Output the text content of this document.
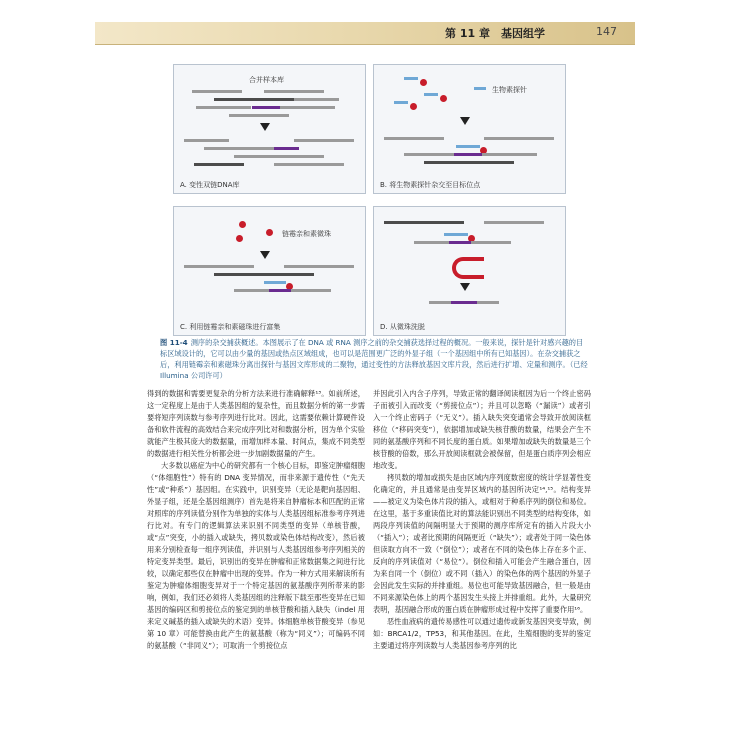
第 11 章　基因组学	147
合并样本库
A. 变性双链DNA库
生物素探针
B. 将生物素探针杂交至目标位点
链霉亲和素微珠
C. 利用链霉亲和素磁珠进行富集	D. 从微珠洗脱
图 11-4 测序的杂交捕获概述。本图展示了在 DNA 或 RNA 测序之前的杂交捕获选择过程的概况。一般来说，探针是针对感兴趣的目标区域设计的，它可以由少量的基因或热点区域组成，也可以是范围更广泛的外显子组（一个基因组中所有已知基因）。在杂交捕获之后，利用链霉亲和素磁珠分离出探针与基因文库形成的二聚物，通过变性的方法释放基因文库片段，然后进行扩增、定量和测序。（已经 Illumina 公司许可）

得到的数据和需要更复杂的分析方法来进行准确解释¹³。如前所述，这一定程度上是由于人类基因组的复杂性，而且数据分析的第一步需要将短序列读数与参考序列进行比对。因此，这需要依赖计算硬件设备和软件流程的高效结合来完成序列比对和数据分析，因为单个实验就能产生极其庞大的数据量，而增加样本量、时间点，集成不同类型的数据进行相关性分析都会进一步加剧数据量的产生。

大多数以癌症为中心的研究都有一个核心目标，即鉴定肿瘤细胞（“体细胞性”）特有的 DNA 变异情况，而非来源于遗传性（“先天性”或“种系”）基因组。在实践中，识别变异（无论是靶向基因组、外显子组，还是全基因组测序）首先是将来自肿瘤标本和匹配的正常对照库的序列读值分别作为单独的实体与人类基因组标准参考序列进行比对。有专门的逻辑算法来识别不同类型的变异（单核苷酸，或“点”突变，小的插入或缺失，拷贝数或染色体结构改变），然后被用来分别检查每一组序列读值，并识别与人类基因组参考序列相关的特定变异类型。最后，识别出的变异在肿瘤和正常数据集之间进行比较，以确定那些仅在肿瘤中出现的变异。作为一种方式用来解读所有鉴定为肿瘤体细胞变异对于一个特定基因的氨基酸序列所带来的影响，例如，我们还必须将人类基因组的注释版下载至那些变异在已知基因的编码区和剪接位点的鉴定到的单核苷酸和插入缺失（indel 用来定义碱基的插入或缺失的术语）变异。体细胞单核苷酸变异（参见第 10 章）可能替换由此产生的氨基酸（称为“同义”）；可编码不同的氨基酸（“非同义”）；可取消一个剪接位点

并因此引入内含子序列，导致正常的翻译阅读框因为后一个终止密码子而被引入而改变（“剪接位点”）；并且可以忽略（“漏读”）或者引入一个终止密码子（“无义”）。插入缺失突变通常会导致开放阅读框移位（“移码突变”），依据增加或缺失核苷酸的数量，结果会产生不同的氨基酸序列和不同长度的蛋白质。如果增加或缺失的数量是三个核苷酸的倍数，那么开放阅读框就会被保留，但是蛋白质序列会相应地改变。

拷贝数的增加或损失是由区域内序列度数密度的统计学显著性变化确定的，并且通常是由变异区域内的基因所决定¹⁴,¹⁵。结构变异——被定义为染色体片段的插入，或相对于种系序列的倒位和易位。在这里，基于多重读值比对的算法能识别出不同类型的结构变体，如两段序列读值的间隔明显大于预期的测序库所定有的插入片段大小（“插入”）；或者比预期的间隔更近（“缺失”）；或者处于同一染色体但读取方向不一致（“倒位”）；或者在不同的染色体上存在多个正、反向的序列读值对（“易位”）。倒位和插入可能会产生融合蛋白，因为来自同一个（倒位）或不同（插入）的染色体的两个基因的外显子会因此发生实际的并排重组。易位也可能导致基因融合，但一般是由不同来源染色体上的两个基因发生头接上并排重组。此外，大量研究表明，基因融合形成的蛋白质在肿瘤形成过程中发挥了重要作用¹⁶。

恶性血液病的遗传易感性可以通过遗传或新发基因突变导致，例如：BRCA1/2，TP53，和其他基因。在此，生殖细胞的变异的鉴定主要通过将序列读数与人类基因参考序列的比
